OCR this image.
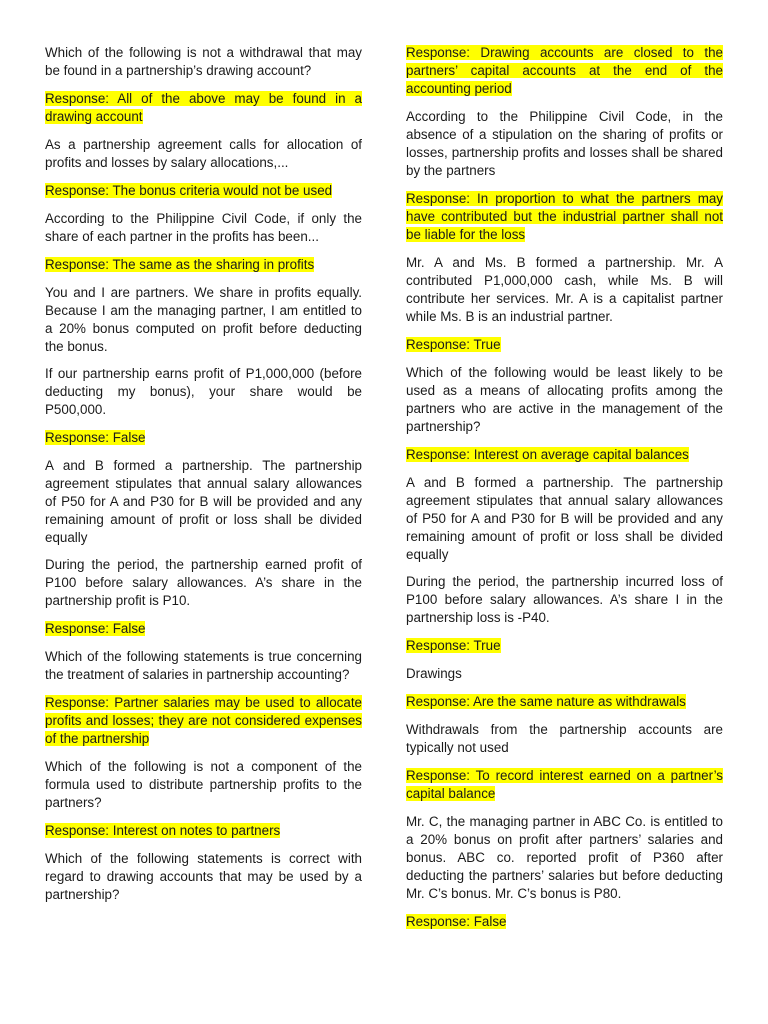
Which of the following is not a withdrawal that may be found in a partnership’s drawing account?

Response: All of the above may be found in a drawing account

As a partnership agreement calls for allocation of profits and losses by salary allocations,...

Response: The bonus criteria would not be used

According to the Philippine Civil Code, if only the share of each partner in the profits has been...

Response: The same as the sharing in profits

You and I are partners. We share in profits equally. Because I am the managing partner, I am entitled to a 20% bonus computed on profit before deducting the bonus.

If our partnership earns profit of P1,000,000 (before deducting my bonus), your share would be P500,000.

Response: False

A and B formed a partnership. The partnership agreement stipulates that annual salary allowances of P50 for A and P30 for B will be provided and any remaining amount of profit or loss shall be divided equally

During the period, the partnership earned profit of P100 before salary allowances. A’s share in the partnership profit is P10.

Response: False

Which of the following statements is true concerning the treatment of salaries in partnership accounting?

Response: Partner salaries may be used to allocate profits and losses; they are not considered expenses of the partnership

Which of the following is not a component of the formula used to distribute partnership profits to the partners?

Response: Interest on notes to partners

Which of the following statements is correct with regard to drawing accounts that may be used by a partnership?

Response: Drawing accounts are closed to the partners’ capital accounts at the end of the accounting period

According to the Philippine Civil Code, in the absence of a stipulation on the sharing of profits or losses, partnership profits and losses shall be shared by the partners

Response: In proportion to what the partners may have contributed but the industrial partner shall not be liable for the loss

Mr. A and Ms. B formed a partnership. Mr. A contributed P1,000,000 cash, while Ms. B will contribute her services. Mr. A is a capitalist partner while Ms. B is an industrial partner.

Response: True

Which of the following would be least likely to be used as a means of allocating profits among the partners who are active in the management of the partnership?

Response: Interest on average capital balances

A and B formed a partnership. The partnership agreement stipulates that annual salary allowances of P50 for A and P30 for B will be provided and any remaining amount of profit or loss shall be divided equally

During the period, the partnership incurred loss of P100 before salary allowances. A’s share I in the partnership loss is -P40.

Response: True

Drawings

Response: Are the same nature as withdrawals

Withdrawals from the partnership accounts are typically not used

Response: To record interest earned on a partner’s capital balance

Mr. C, the managing partner in ABC Co. is entitled to a 20% bonus on profit after partners’ salaries and bonus. ABC co. reported profit of P360 after deducting the partners’ salaries but before deducting Mr. C’s bonus. Mr. C’s bonus is P80.

Response: False
